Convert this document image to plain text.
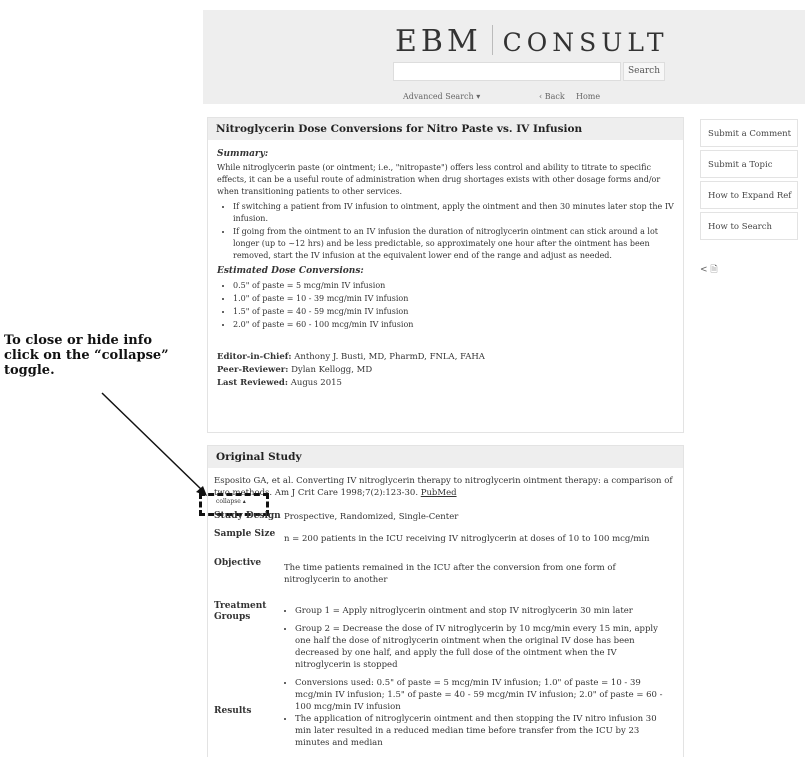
EBM CONSULT
Search
Advanced Search ▾	‹ Back Home
Nitroglycerin Dose Conversions for Nitro Paste vs. IV Infusion
Summary:
While nitroglycerin paste (or ointment; i.e., "nitropaste") offers less control and ability to titrate to specific effects, it can be a useful route of administration when drug shortages exists with other dosage forms and/or when transitioning patients to other services.
• If switching a patient from IV infusion to ointment, apply the ointment and then 30 minutes later stop the IV infusion.
• If going from the ointment to an IV infusion the duration of nitroglycerin ointment can stick around a lot longer (up to ~12 hrs) and be less predictable, so approximately one hour after the ointment has been removed, start the IV infusion at the equivalent lower end of the range and adjust as needed.
Estimated Dose Conversions:
• 0.5" of paste = 5 mcg/min IV infusion
• 1.0" of paste = 10 - 39 mcg/min IV infusion
• 1.5" of paste = 40 - 59 mcg/min IV infusion
• 2.0" of paste = 60 - 100 mcg/min IV infusion
Editor-in-Chief: Anthony J. Busti, MD, PharmD, FNLA, FAHA
Peer-Reviewer: Dylan Kellogg, MD
Last Reviewed: Augus 2015
Submit a Comment
Submit a Topic
How to Expand Ref
How to Search
< 🗎
To close or hide info click on the “collapse” toggle.
Original Study
Esposito GA, et al. Converting IV nitroglycerin therapy to nitroglycerin ointment therapy: a comparison of two methods. Am J Crit Care 1998;7(2):123-30. PubMed
collapse ▴
Study Design Prospective, Randomized, Single-Center
Sample Size n = 200 patients in the ICU receiving IV nitroglycerin at doses of 10 to 100 mcg/min
Objective	The time patients remained in the ICU after the conversion from one form of nitroglycerin to another
Treatment Groups
• Group 1 = Apply nitroglycerin ointment and stop IV nitroglycerin 30 min later
• Group 2 = Decrease the dose of IV nitroglycerin by 10 mcg/min every 15 min, apply one half the dose of nitroglycerin ointment when the original IV dose has been decreased by one half, and apply the full dose of the ointment when the IV nitroglycerin is stopped
• Conversions used: 0.5" of paste = 5 mcg/min IV infusion; 1.0" of paste = 10 - 39 mcg/min IV infusion; 1.5" of paste = 40 - 59 mcg/min IV infusion; 2.0" of paste = 60 - 100 mcg/min IV infusion
Results
• The application of nitroglycerin ointment and then stopping the IV nitro infusion 30 min later resulted in a reduced median time before transfer from the ICU by 23 minutes and median
